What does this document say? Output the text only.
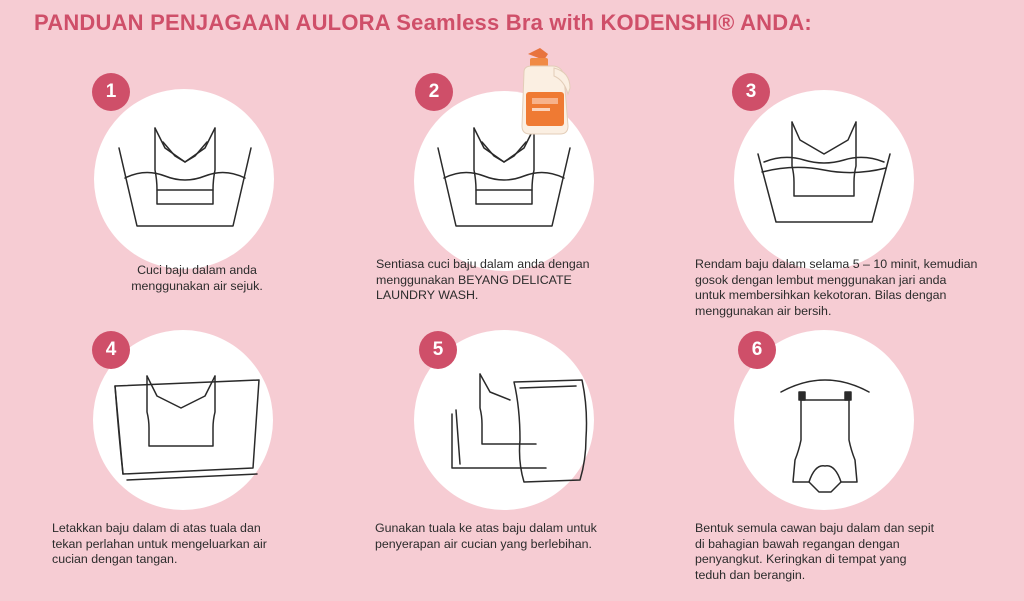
PANDUAN PENJAGAAN AULORA Seamless Bra with KODENSHI® ANDA:
1
Cuci baju dalam anda
menggunakan air sejuk.
2
Sentiasa cuci baju dalam anda dengan
menggunakan BEYANG DELICATE
LAUNDRY WASH.
3
Rendam baju dalam selama 5 – 10 minit, kemudian
gosok dengan lembut menggunakan jari anda
untuk membersihkan kekotoran. Bilas dengan
menggunakan air bersih.
4
Letakkan baju dalam di atas tuala dan
tekan perlahan untuk mengeluarkan air
cucian dengan tangan.
5
Gunakan tuala ke atas baju dalam untuk
penyerapan air cucian yang berlebihan.
6
Bentuk semula cawan baju dalam dan sepit
di bahagian bawah regangan dengan
penyangkut. Keringkan di tempat yang
teduh dan berangin.
